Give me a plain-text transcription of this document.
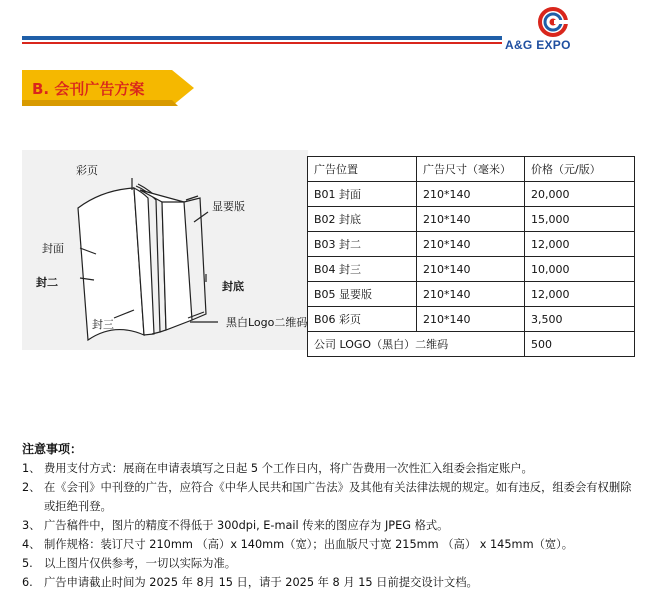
A&G EXPO
B. 会刊广告方案
彩页
显要版
封面
封二	封底
封三	黑白Logo二维码
广告位置	广告尺寸（毫米）	价格（元/版）
B01 封面	210*140	20,000
B02 封底	210*140	15,000
B03 封二	210*140	12,000
B04 封三	210*140	10,000
B05 显要版	210*140	12,000
B06 彩页	210*140	3,500
公司 LOGO（黑白）二维码		500
注意事项：
1、 费用支付方式：展商在申请表填写之日起 5 个工作日内，将广告费用一次性汇入组委会指定账户。
2、 在《会刊》中刊登的广告，应符合《中华人民共和国广告法》及其他有关法律法规的规定。如有违反，组委会有权删除或拒绝刊登。
3、 广告稿件中，图片的精度不得低于 300dpi, E-mail 传来的图应存为 JPEG 格式。
4、 制作规格：装订尺寸 210mm （高）x 140mm（宽）；出血版尺寸宽 215mm （高） x 145mm（宽）。
5. 以上图片仅供参考，一切以实际为准。
6. 广告申请截止时间为 2025 年 8月 15 日，请于 2025 年 8 月 15 日前提交设计文档。
